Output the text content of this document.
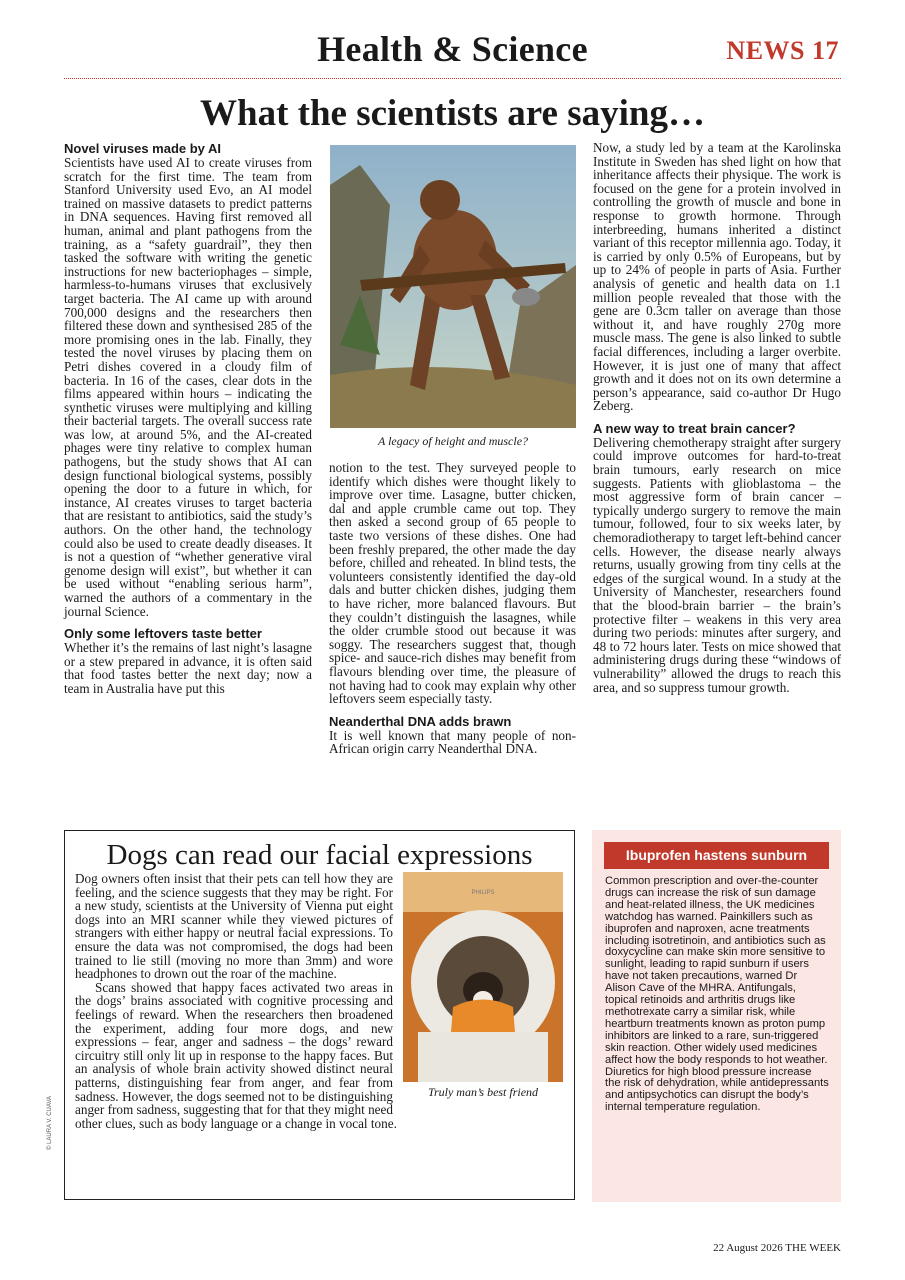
Health & Science	NEWS 17
What the scientists are saying…
Novel viruses made by AI

Scientists have used AI to create viruses from scratch for the first time. The team from Stanford University used Evo, an AI model trained on massive datasets to predict patterns in DNA sequences. Having first removed all human, animal and plant pathogens from the training, as a “safety guardrail”, they then tasked the software with writing the genetic instructions for new bacteriophages – simple, harmless-to-humans viruses that exclusively target bacteria. The AI came up with around 700,000 designs and the researchers then filtered these down and synthesised 285 of the more promising ones in the lab. Finally, they tested the novel viruses by placing them on Petri dishes covered in a cloudy film of bacteria. In 16 of the cases, clear dots in the films appeared within hours – indicating the synthetic viruses were multiplying and killing their bacterial targets. The overall success rate was low, at around 5%, and the AI-created phages were tiny relative to complex human pathogens, but the study shows that AI can design functional biological systems, possibly opening the door to a future in which, for instance, AI creates viruses to target bacteria that are resistant to antibiotics, said the study’s authors. On the other hand, the technology could also be used to create deadly diseases. It is not a question of “whether generative viral genome design will exist”, but whether it can be used without “enabling serious harm”, warned the authors of a commentary in the journal Science.

Only some leftovers taste better

Whether it’s the remains of last night’s lasagne or a stew prepared in advance, it is often said that food tastes better the next day; now a team in Australia have put this

A legacy of height and muscle?

notion to the test. They surveyed people to identify which dishes were thought likely to improve over time. Lasagne, butter chicken, dal and apple crumble came out top. They then asked a second group of 65 people to taste two versions of these dishes. One had been freshly prepared, the other made the day before, chilled and reheated. In blind tests, the volunteers consistently identified the day-old dals and butter chicken dishes, judging them to have richer, more balanced flavours. But they couldn’t distinguish the lasagnes, while the older crumble stood out because it was soggy. The researchers suggest that, though spice- and sauce-rich dishes may benefit from flavours blending over time, the pleasure of not having had to cook may explain why other leftovers seem especially tasty.

Neanderthal DNA adds brawn

It is well known that many people of non-African origin carry Neanderthal DNA.

Now, a study led by a team at the Karolinska Institute in Sweden has shed light on how that inheritance affects their physique. The work is focused on the gene for a protein involved in controlling the growth of muscle and bone in response to growth hormone. Through interbreeding, humans inherited a distinct variant of this receptor millennia ago. Today, it is carried by only 0.5% of Europeans, but by up to 24% of people in parts of Asia. Further analysis of genetic and health data on 1.1 million people revealed that those with the gene are 0.3cm taller on average than those without it, and have roughly 270g more muscle mass. The gene is also linked to subtle facial differences, including a larger overbite. However, it is just one of many that affect growth and it does not on its own determine a person’s appearance, said co-author Dr Hugo Zeberg.

A new way to treat brain cancer?

Delivering chemotherapy straight after surgery could improve outcomes for hard-to-treat brain tumours, early research on mice suggests. Patients with glioblastoma – the most aggressive form of brain cancer – typically undergo surgery to remove the main tumour, followed, four to six weeks later, by chemoradiotherapy to target left-behind cancer cells. However, the disease nearly always returns, usually growing from tiny cells at the edges of the surgical wound. In a study at the University of Manchester, researchers found that the blood-brain barrier – the brain’s protective filter – weakens in this very area during two periods: minutes after surgery, and 48 to 72 hours later. Tests on mice showed that administering drugs during these “windows of vulnerability” allowed the drugs to reach this area, and so suppress tumour growth.

Dogs can read our facial expressions
PHILIPS
Truly man’s best friend

Dog owners often insist that their pets can tell how they are feeling, and the science suggests that they may be right. For a new study, scientists at the University of Vienna put eight dogs into an MRI scanner while they viewed pictures of strangers with either happy or neutral facial expressions. To ensure the data was not compromised, the dogs had been trained to lie still (moving no more than 3mm) and wore headphones to drown out the roar of the machine.

Scans showed that happy faces activated two areas in the dogs’ brains associated with cognitive processing and feelings of reward. When the researchers then broadened the experiment, adding four more dogs, and new expressions – fear, anger and sadness – the dogs’ reward circuitry still only lit up in response to the happy faces. But an analysis of whole brain activity showed distinct neural patterns, distinguishing fear from anger, and fear from sadness. However, the dogs seemed not to be distinguishing anger from sadness, suggesting that for that they might need other clues, such as body language or a change in vocal tone.

© LAURA V. CUAVA
Ibuprofen hastens sunburn
Common prescription and over-the-counter drugs can increase the risk of sun damage and heat-related illness, the UK medicines watchdog has warned. Painkillers such as ibuprofen and naproxen, acne treatments including isotretinoin, and antibiotics such as doxycycline can make skin more sensitive to sunlight, leading to rapid sunburn if users have not taken precautions, warned Dr Alison Cave of the MHRA. Antifungals, topical retinoids and arthritis drugs like methotrexate carry a similar risk, while heartburn treatments known as proton pump inhibitors are linked to a rare, sun-triggered skin reaction. Other widely used medicines affect how the body responds to hot weather. Diuretics for high blood pressure increase the risk of dehydration, while antidepressants and antipsychotics can disrupt the body’s internal temperature regulation.
22 August 2026 THE WEEK
